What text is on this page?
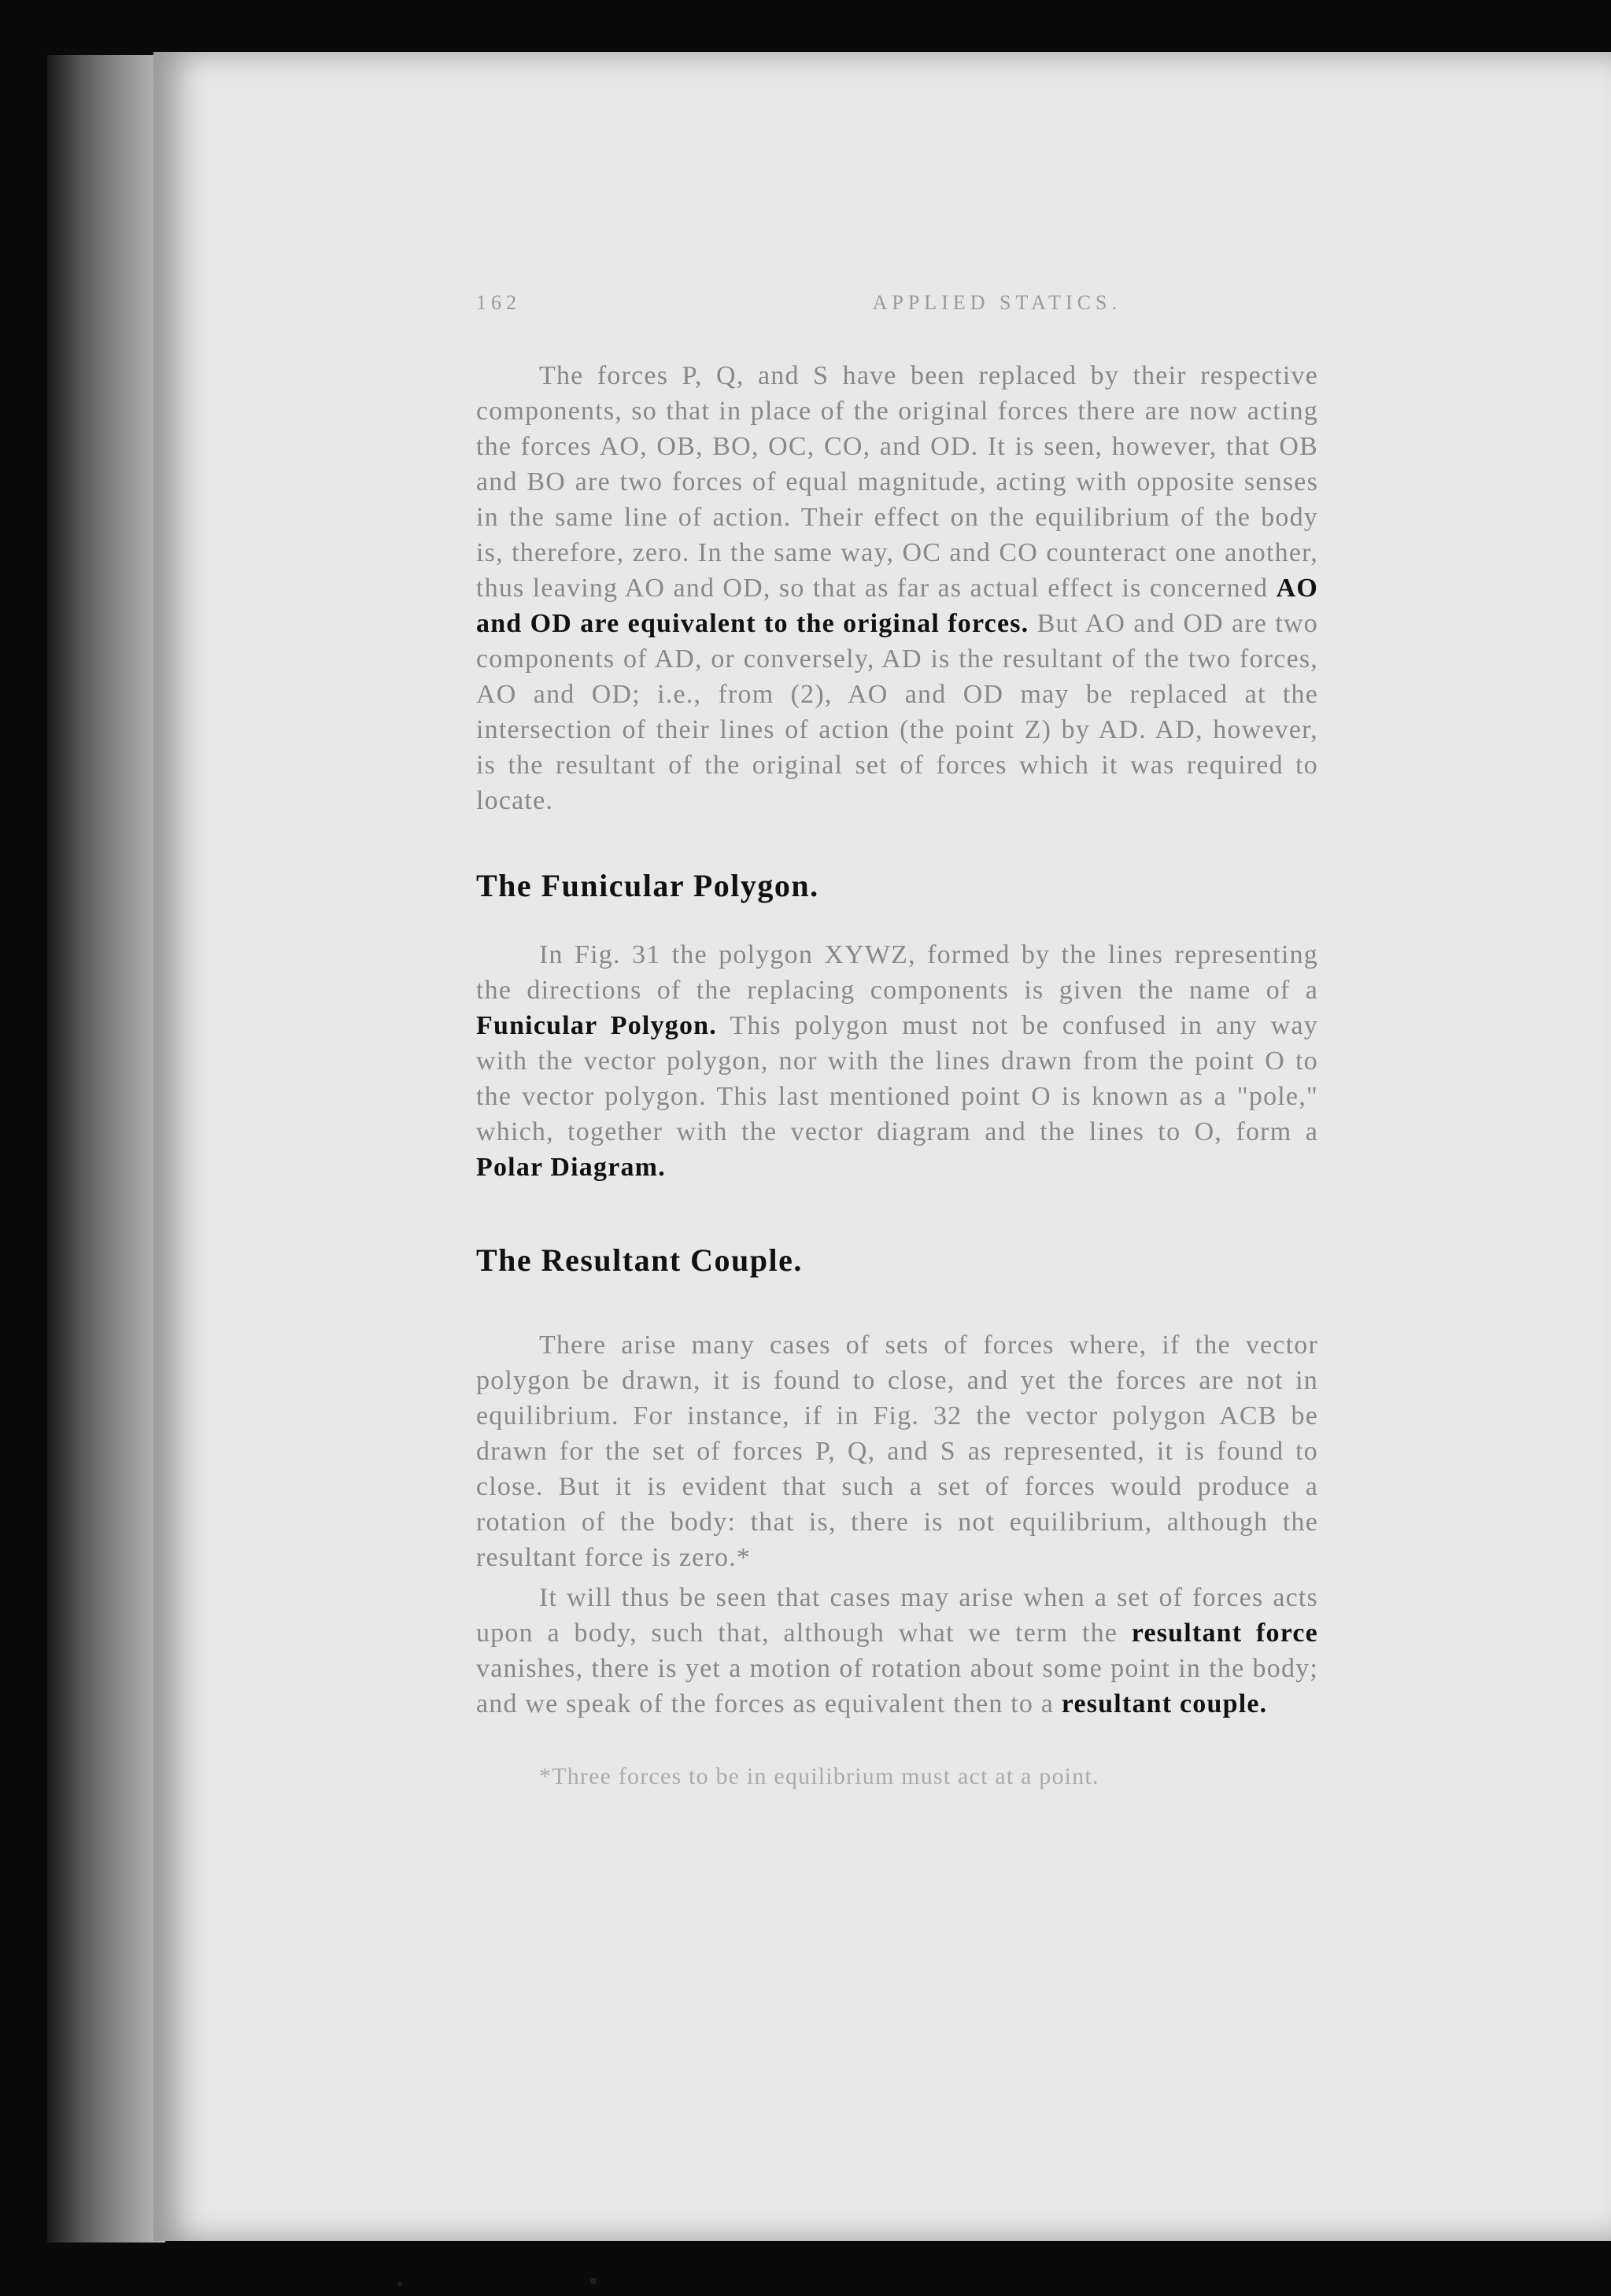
162	APPLIED STATICS.

The forces P, Q, and S have been replaced by their respective components, so that in place of the original forces there are now acting the forces AO, OB, BO, OC, CO, and OD. It is seen, however, that OB and BO are two forces of equal magnitude, acting with opposite senses in the same line of action. Their effect on the equilibrium of the body is, therefore, zero. In the same way, OC and CO counteract one another, thus leaving AO and OD, so that as far as actual effect is concerned AO and OD are equivalent to the original forces. But AO and OD are two components of AD, or conversely, AD is the resultant of the two forces, AO and OD; i.e., from (2), AO and OD may be replaced at the intersection of their lines of action (the point Z) by AD. AD, however, is the resultant of the original set of forces which it was required to locate.

The Funicular Polygon.

In Fig. 31 the polygon XYWZ, formed by the lines representing the directions of the replacing components is given the name of a Funicular Polygon. This polygon must not be confused in any way with the vector polygon, nor with the lines drawn from the point O to the vector polygon. This last mentioned point O is known as a "pole," which, together with the vector diagram and the lines to O, form a Polar Diagram.

The Resultant Couple.

There arise many cases of sets of forces where, if the vector polygon be drawn, it is found to close, and yet the forces are not in equilibrium. For instance, if in Fig. 32 the vector polygon ACB be drawn for the set of forces P, Q, and S as represented, it is found to close. But it is evident that such a set of forces would produce a rotation of the body: that is, there is not equilibrium, although the resultant force is zero.*

It will thus be seen that cases may arise when a set of forces acts upon a body, such that, although what we term the resultant force vanishes, there is yet a motion of rotation about some point in the body; and we speak of the forces as equivalent then to a resultant couple.

*Three forces to be in equilibrium must act at a point.
